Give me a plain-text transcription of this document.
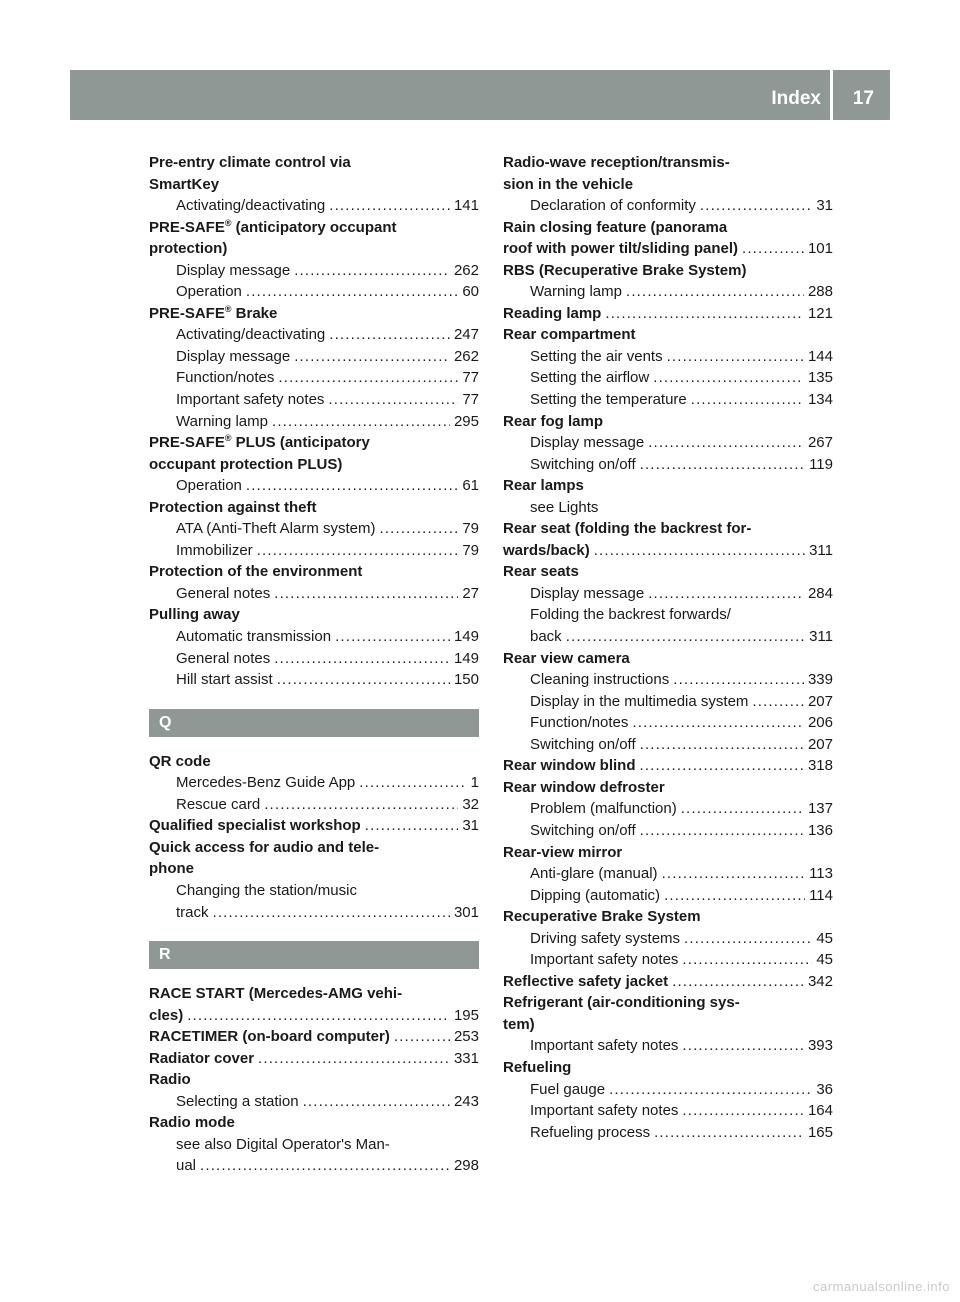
Index 17
Pre-entry climate control via
SmartKey
Activating/deactivating . . .	141
PRE-SAFE® (anticipatory occupant
protection)
Display message . . .	262
Operation . . .	60
PRE-SAFE® Brake
Activating/deactivating . . .	247
Display message . . .	262
Function/notes . . .	77
Important safety notes . . .	77
Warning lamp . . .	295
PRE-SAFE® PLUS (anticipatory
occupant protection PLUS)
Operation . . .	61
Protection against theft
ATA (Anti-Theft Alarm system) . . .	79
Immobilizer . . .	79
Protection of the environment
General notes . . .	27
Pulling away
Automatic transmission . . .	149
General notes . . .	149
Hill start assist . . .	150
Q
QR code
Mercedes-Benz Guide App . . .	1
Rescue card . . .	32
Qualified specialist workshop . . .	31
Quick access for audio and tele-
phone
Changing the station/music
track . . .	301
R
RACE START (Mercedes-AMG vehi-
cles) . . .	195
RACETIMER (on-board computer) . . .	253
Radiator cover . . .	331
Radio
Selecting a station . . .	243
Radio mode
see also Digital Operator's Man-
ual . . .	298
Radio-wave reception/transmis-
sion in the vehicle
Declaration of conformity . . .	31
Rain closing feature (panorama
roof with power tilt/sliding panel) . . .	101
RBS (Recuperative Brake System)
Warning lamp . . .	288
Reading lamp . . .	121
Rear compartment
Setting the air vents . . .	144
Setting the airflow . . .	135
Setting the temperature . . .	134
Rear fog lamp
Display message . . .	267
Switching on/off . . .	119
Rear lamps
see Lights
Rear seat (folding the backrest for-
wards/back) . . .	311
Rear seats
Display message . . .	284
Folding the backrest forwards/
back . . .	311
Rear view camera
Cleaning instructions . . .	339
Display in the multimedia system . . .	207
Function/notes . . .	206
Switching on/off . . .	207
Rear window blind . . .	318
Rear window defroster
Problem (malfunction) . . .	137
Switching on/off . . .	136
Rear-view mirror
Anti-glare (manual) . . .	113
Dipping (automatic) . . .	114
Recuperative Brake System
Driving safety systems . . .	45
Important safety notes . . .	45
Reflective safety jacket . . .	342
Refrigerant (air-conditioning sys-
tem)
Important safety notes . . .	393
Refueling
Fuel gauge . . .	36
Important safety notes . . .	164
Refueling process . . .	165
carmanualsonline.info
